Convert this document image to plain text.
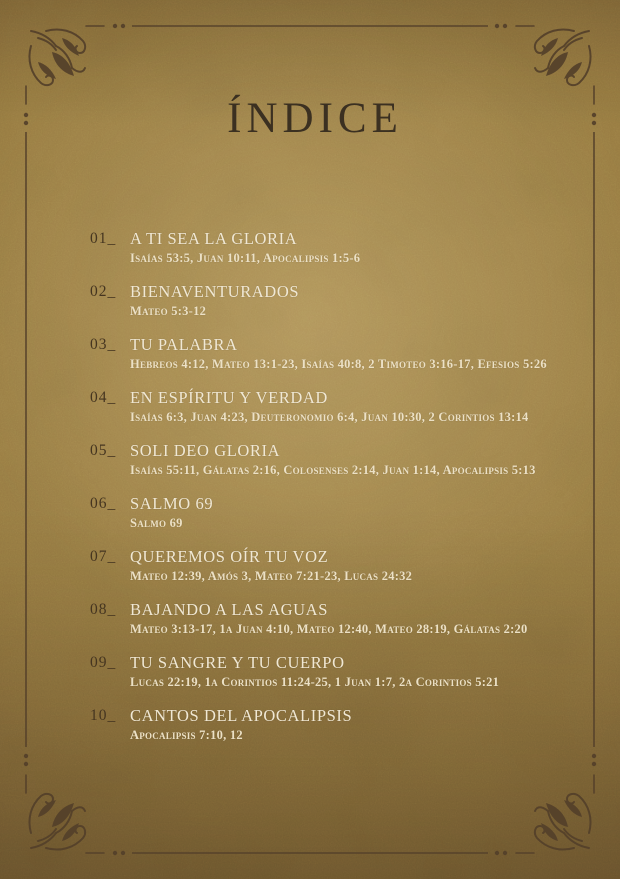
ÍNDICE
01_ A TI SEA LA GLORIA
Isaías 53:5, Juan 10:11, Apocalipsis 1:5-6
02_ BIENAVENTURADOS
Mateo 5:3-12
03_ TU PALABRA
Hebreos 4:12, Mateo 13:1-23, Isaías 40:8, 2 Timoteo 3:16-17, Efesios 5:26
04_ EN ESPÍRITU Y VERDAD
Isaías 6:3, Juan 4:23, Deuteronomio 6:4, Juan 10:30, 2 Corintios 13:14
05_ SOLI DEO GLORIA
Isaías 55:11, Gálatas 2:16, Colosenses 2:14, Juan 1:14, Apocalipsis 5:13
06_ SALMO 69
Salmo 69
07_ QUEREMOS OÍR TU VOZ
Mateo 12:39, Amós 3, Mateo 7:21-23, Lucas 24:32
08_ BAJANDO A LAS AGUAS
Mateo 3:13-17, 1a Juan 4:10, Mateo 12:40, Mateo 28:19, Gálatas 2:20
09_ TU SANGRE Y TU CUERPO
Lucas 22:19, 1a Corintios 11:24-25, 1 Juan 1:7, 2a Corintios 5:21
10_ CANTOS DEL APOCALIPSIS
Apocalipsis 7:10, 12
